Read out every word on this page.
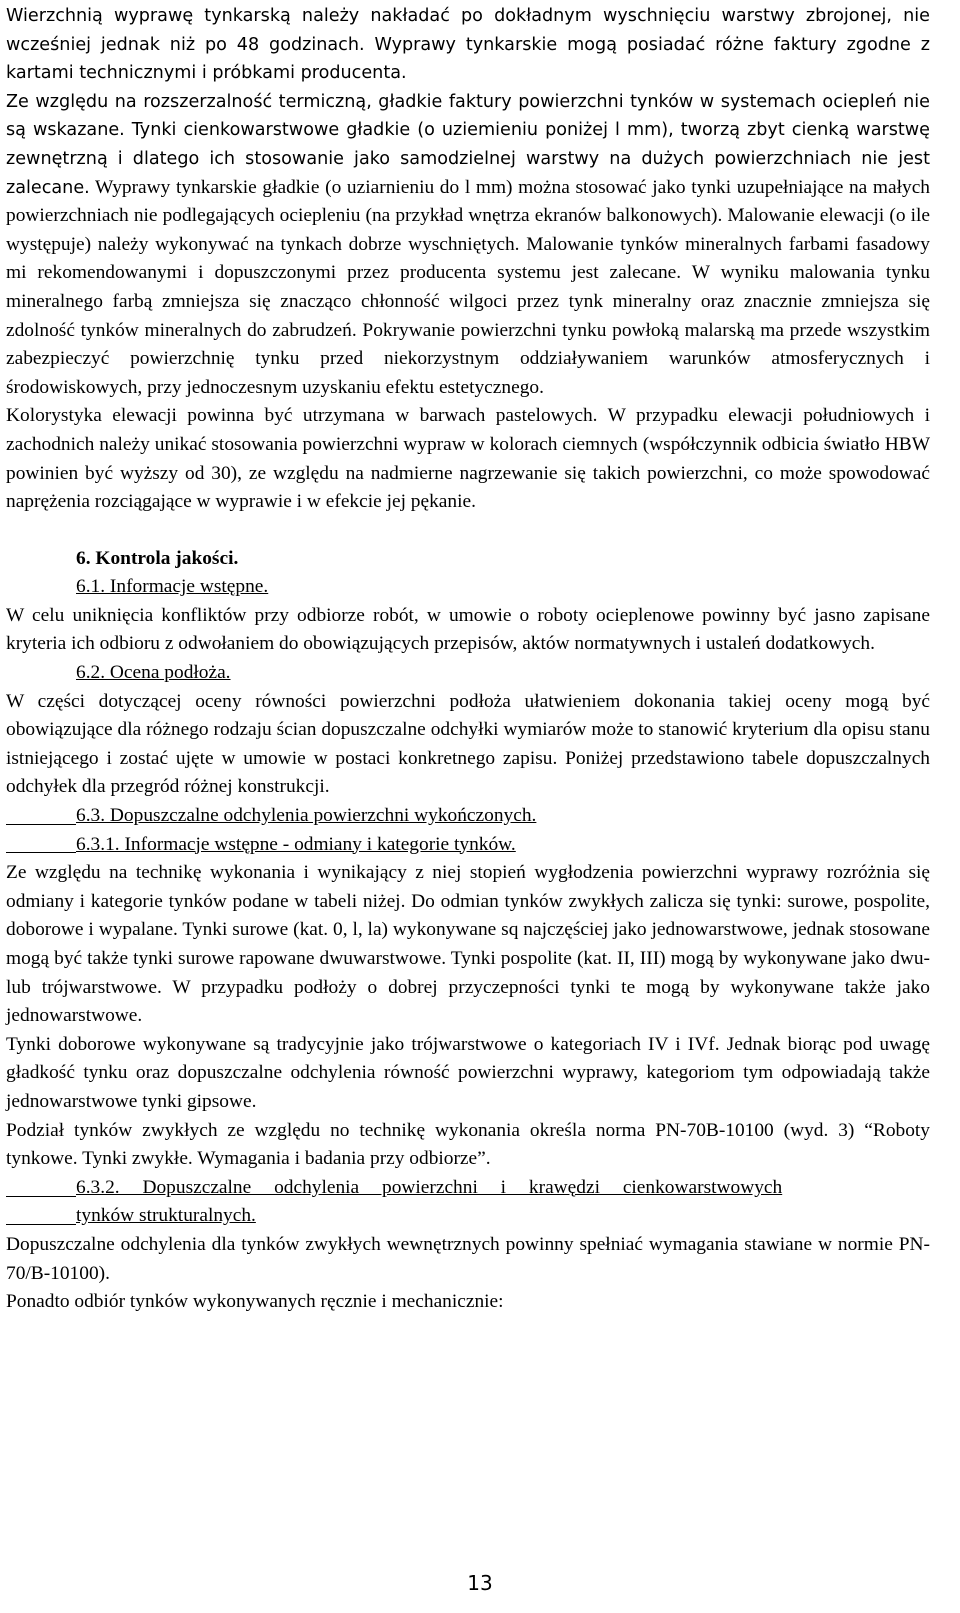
Wierzchnią wyprawę tynkarską należy nakładać po dokładnym wyschnięciu warstwy zbrojonej, nie wcześniej jednak niż po 48 godzinach. Wyprawy tynkarskie mogą posiadać różne faktury zgodne z kartami technicznymi i próbkami producenta.

Ze względu na rozszerzalność termiczną, gładkie faktury powierzchni tynków w systemach ociepleń nie są wskazane. Tynki cienkowarstwowe gładkie (o uziemieniu poniżej l mm), tworzą zbyt cienką warstwę zewnętrzną i dlatego ich stosowanie jako samodzielnej warstwy na dużych powierzchniach nie jest zalecane. Wyprawy tynkarskie gładkie (o uziarnieniu do l mm) można stosować jako tynki uzupełniające na małych powierzchniach nie podlegających ociepleniu (na przykład wnętrza ekranów balkonowych). Malowanie elewacji (o ile występuje) należy wykonywać na tynkach dobrze wyschniętych. Malowanie tynków mineralnych farbami fasadowy mi rekomendowanymi i dopuszczonymi przez producenta systemu jest zalecane. W wyniku malowania tynku mineralnego farbą zmniejsza się znacząco chłonność wilgoci przez tynk mineralny oraz znacznie zmniejsza się zdolność tynków mineralnych do zabrudzeń. Pokrywanie powierzchni tynku powłoką malarską ma przede wszystkim zabezpieczyć powierzchnię tynku przed niekorzystnym oddziaływaniem warunków atmosferycznych i środowiskowych, przy jednoczesnym uzyskaniu efektu estetycznego.

Kolorystyka elewacji powinna być utrzymana w barwach pastelowych. W przypadku elewacji południowych i zachodnich należy unikać stosowania powierzchni wypraw w kolorach ciemnych (współczynnik odbicia światło HBW powinien być wyższy od 30), ze względu na nadmierne nagrzewanie się takich powierzchni, co może spowodować naprężenia rozciągające w wyprawie i w efekcie jej pękanie.

6. Kontrola jakości.

6.1. Informacje wstępne.

W celu uniknięcia konfliktów przy odbiorze robót, w umowie o roboty ocieplenowe powinny być jasno zapisane kryteria ich odbioru z odwołaniem do obowiązujących przepisów, aktów normatywnych i ustaleń dodatkowych.

6.2. Ocena podłoża.

W części dotyczącej oceny równości powierzchni podłoża ułatwieniem dokonania takiej oceny mogą być obowiązujące dla różnego rodzaju ścian dopuszczalne odchyłki wymiarów może to stanowić kryterium dla opisu stanu istniejącego i zostać ujęte w umowie w postaci konkretnego zapisu. Poniżej przedstawiono tabele dopuszczalnych odchyłek dla przegród różnej konstrukcji.

6.3. Dopuszczalne odchylenia powierzchni wykończonych.

6.3.1. Informacje wstępne - odmiany i kategorie tynków.

Ze względu na technikę wykonania i wynikający z niej stopień wygłodzenia powierzchni wyprawy rozróżnia się odmiany i kategorie tynków podane w tabeli niżej. Do odmian tynków zwykłych zalicza się tynki: surowe, pospolite, doborowe i wypalane. Tynki surowe (kat. 0, l, la) wykonywane sq najczęściej jako jednowarstwowe, jednak stosowane mogą być także tynki surowe rapowane dwuwarstwowe. Tynki pospolite (kat. II, III) mogą by wykonywane jako dwu- lub trójwarstwowe. W przypadku podłoży o dobrej przyczepności tynki te mogą by wykonywane także jako jednowarstwowe.

Tynki doborowe wykonywane są tradycyjnie jako trójwarstwowe o kategoriach IV i IVf. Jednak biorąc pod uwagę gładkość tynku oraz dopuszczalne odchylenia równość powierzchni wyprawy, kategoriom tym odpowiadają także jednowarstwowe tynki gipsowe.

Podział tynków zwykłych ze względu no technikę wykonania określa norma PN-70B-10100 (wyd. 3) “Roboty tynkowe. Tynki zwykłe. Wymagania i badania przy odbiorze”.

6.3.2. Dopuszczalne odchylenia powierzchni i krawędzi cienkowarstwowych
tynków strukturalnych.

Dopuszczalne odchylenia dla tynków zwykłych wewnętrznych powinny spełniać wymagania stawiane w normie PN-70/B-10100).

Ponadto odbiór tynków wykonywanych ręcznie i mechanicznie:

13
